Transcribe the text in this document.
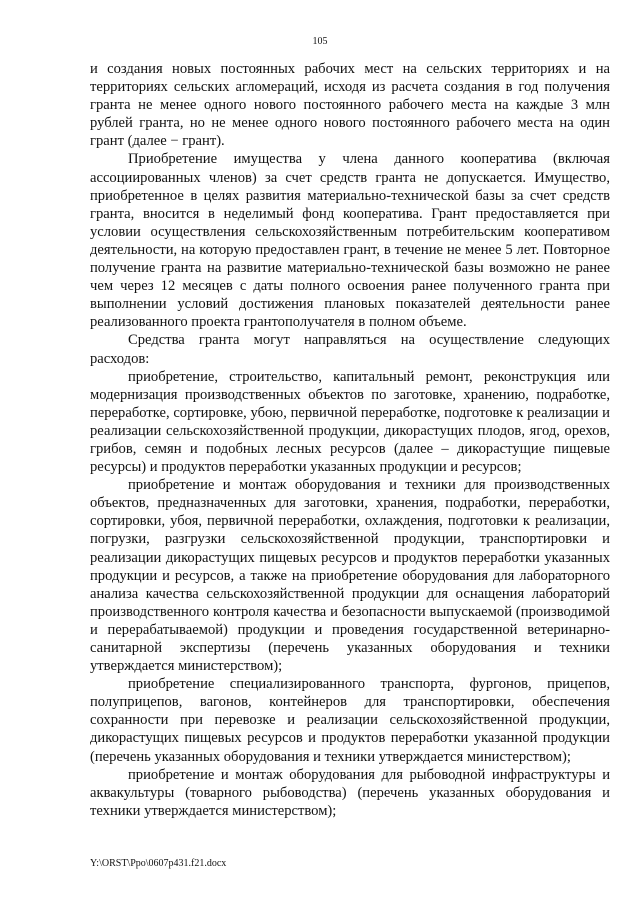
105

и создания новых постоянных рабочих мест на сельских территориях и на территориях сельских агломераций, исходя из расчета создания в год получения гранта не менее одного нового постоянного рабочего места на каждые 3 млн рублей гранта, но не менее одного нового постоянного рабочего места на один грант (далее − грант).

Приобретение имущества у члена данного кооператива (включая ассоциированных членов) за счет средств гранта не допускается. Имущество, приобретенное в целях развития материально-технической базы за счет средств гранта, вносится в неделимый фонд кооператива. Грант предоставляется при условии осуществления сельскохозяйственным потребительским кооперативом деятельности, на которую предоставлен грант, в течение не менее 5 лет. Повторное получение гранта на развитие материально-технической базы возможно не ранее чем через 12 месяцев с даты полного освоения ранее полученного гранта при выполнении условий достижения плановых показателей деятельности ранее реализованного проекта грантополучателя в полном объеме.

Средства гранта могут направляться на осуществление следующих расходов:

приобретение, строительство, капитальный ремонт, реконструкция или модернизация производственных объектов по заготовке, хранению, подработке, переработке, сортировке, убою, первичной переработке, подготовке к реализации и реализации сельскохозяйственной продукции, дикорастущих плодов, ягод, орехов, грибов, семян и подобных лесных ресурсов (далее – дикорастущие пищевые ресурсы) и продуктов переработки указанных продукции и ресурсов;

приобретение и монтаж оборудования и техники для производственных объектов, предназначенных для заготовки, хранения, подработки, переработки, сортировки, убоя, первичной переработки, охлаждения, подготовки к реализации, погрузки, разгрузки сельскохозяйственной продукции, транспортировки и реализации дикорастущих пищевых ресурсов и продуктов переработки указанных продукции и ресурсов, а также на приобретение оборудования для лабораторного анализа качества сельскохозяйственной продукции для оснащения лабораторий производственного контроля качества и безопасности выпускаемой (производимой и перерабатываемой) продукции и проведения государственной ветеринарно-санитарной экспертизы (перечень указанных оборудования и техники утверждается министерством);

приобретение специализированного транспорта, фургонов, прицепов, полуприцепов, вагонов, контейнеров для транспортировки, обеспечения сохранности при перевозке и реализации сельскохозяйственной продукции, дикорастущих пищевых ресурсов и продуктов переработки указанной продукции (перечень указанных оборудования и техники утверждается министерством);

приобретение и монтаж оборудования для рыбоводной инфраструктуры и аквакультуры (товарного рыбоводства) (перечень указанных оборудования и техники утверждается министерством);

Y:\ORST\Ppo\0607p431.f21.docx
